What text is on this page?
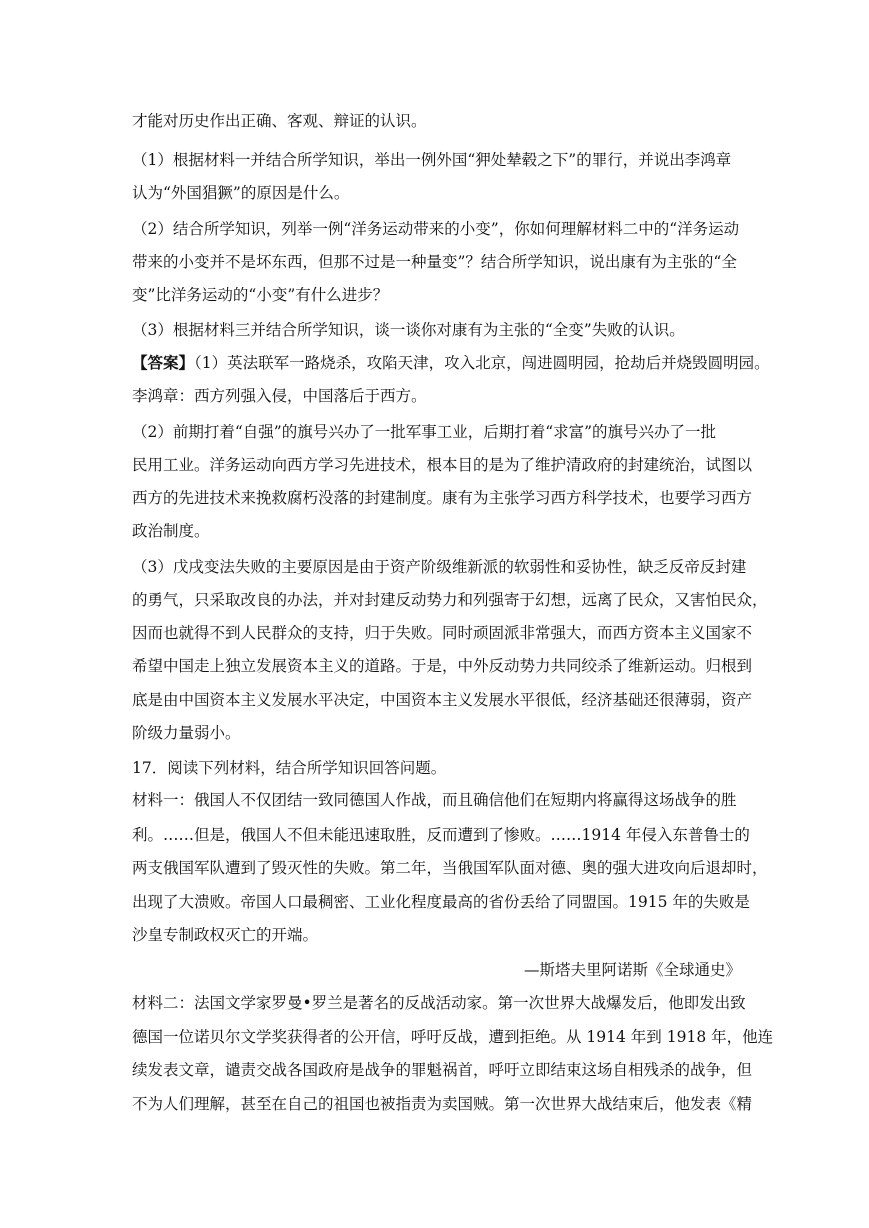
才能对历史作出正确、客观、辩证的认识。
（1）根据材料一并结合所学知识，举出一例外国“狎处辇毂之下”的罪行，并说出李鸿章
认为“外国猖獗”的原因是什么。
（2）结合所学知识，列举一例“洋务运动带来的小变”，你如何理解材料二中的“洋务运动
带来的小变并不是坏东西，但那不过是一种量变”？结合所学知识，说出康有为主张的“全
变”比洋务运动的“小变”有什么进步？
（3）根据材料三并结合所学知识，谈一谈你对康有为主张的“全变”失败的认识。
【答案】（1）英法联军一路烧杀，攻陷天津，攻入北京，闯进圆明园，抢劫后并烧毁圆明园。
李鸿章：西方列强入侵，中国落后于西方。
（2）前期打着“自强”的旗号兴办了一批军事工业，后期打着“求富”的旗号兴办了一批
民用工业。洋务运动向西方学习先进技术，根本目的是为了维护清政府的封建统治，试图以
西方的先进技术来挽救腐朽没落的封建制度。康有为主张学习西方科学技术，也要学习西方
政治制度。
（3）戊戌变法失败的主要原因是由于资产阶级维新派的软弱性和妥协性，缺乏反帝反封建
的勇气，只采取改良的办法，并对封建反动势力和列强寄于幻想，远离了民众，又害怕民众，
因而也就得不到人民群众的支持，归于失败。同时顽固派非常强大，而西方资本主义国家不
希望中国走上独立发展资本主义的道路。于是，中外反动势力共同绞杀了维新运动。归根到
底是由中国资本主义发展水平决定，中国资本主义发展水平很低，经济基础还很薄弱，资产
阶级力量弱小。
17．阅读下列材料，结合所学知识回答问题。
材料一：俄国人不仅团结一致同德国人作战，而且确信他们在短期内将赢得这场战争的胜
利。……但是，俄国人不但未能迅速取胜，反而遭到了惨败。……1914 年侵入东普鲁士的
两支俄国军队遭到了毁灭性的失败。第二年，当俄国军队面对德、奥的强大进攻向后退却时，
出现了大溃败。帝国人口最稠密、工业化程度最高的省份丢给了同盟国。1915 年的失败是
沙皇专制政权灭亡的开端。
—斯塔夫里阿诺斯《全球通史》
材料二：法国文学家罗曼•罗兰是著名的反战活动家。第一次世界大战爆发后，他即发出致
德国一位诺贝尔文学奖获得者的公开信，呼吁反战，遭到拒绝。从 1914 年到 1918 年，他连
续发表文章，谴责交战各国政府是战争的罪魁祸首，呼吁立即结束这场自相残杀的战争，但
不为人们理解，甚至在自己的祖国也被指责为卖国贼。第一次世界大战结束后，他发表《精
